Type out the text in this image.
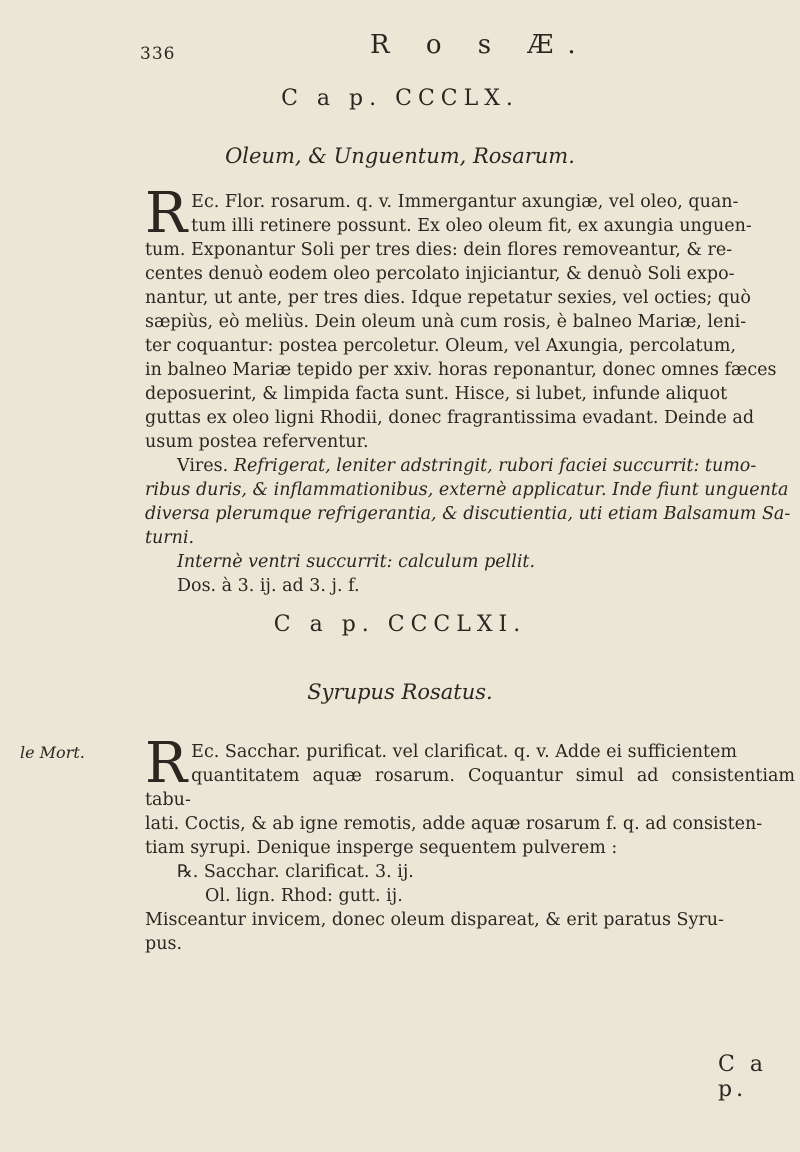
336	R o s Æ.
C a p. CCCLX.
Oleum, & Unguentum, Rosarum.
R Ec. Flor. rosarum. q. v. Immergantur axungiæ, vel oleo, quan-

tum illi retinere possunt. Ex oleo oleum fit, ex axungia unguen-

tum. Exponantur Soli per tres dies: dein flores removeantur, & re-

centes denuò eodem oleo percolato injiciantur, & denuò Soli expo-

nantur, ut ante, per tres dies. Idque repetatur sexies, vel octies; quò

sæpiùs, eò meliùs. Dein oleum unà cum rosis, è balneo Mariæ, leni-

ter coquantur: postea percoletur. Oleum, vel Axungia, percolatum,

in balneo Mariæ tepido per xxiv. horas reponantur, donec omnes fæces

deposuerint, & limpida facta sunt. Hisce, si lubet, infunde aliquot

guttas ex oleo ligni Rhodii, donec fragrantissima evadant. Deinde ad

usum postea referventur.

Vires. Refrigerat, leniter adstringit, rubori faciei succurrit: tumo-

ribus duris, & inflammationibus, externè applicatur. Inde fiunt unguenta

diversa plerumque refrigerantia, & discutientia, uti etiam Balsamum Sa-

turni.

Internè ventri succurrit: calculum pellit.

Dos. à 3. ij. ad 3. j. f.

C a p. CCCLXI.
Syrupus Rosatus.
le Mort. R Ec. Sacchar. purificat. vel clarificat. q. v. Adde ei sufficientem

quantitatem aquæ rosarum. Coquantur simul ad consistentiam tabu-

lati. Coctis, & ab igne remotis, adde aquæ rosarum f. q. ad consisten-

tiam syrupi. Denique insperge sequentem pulverem :

℞. Sacchar. clarificat. 3. ij.

Ol. lign. Rhod: gutt. ij.

Misceantur invicem, donec oleum dispareat, & erit paratus Syru-

pus.

C a p.
